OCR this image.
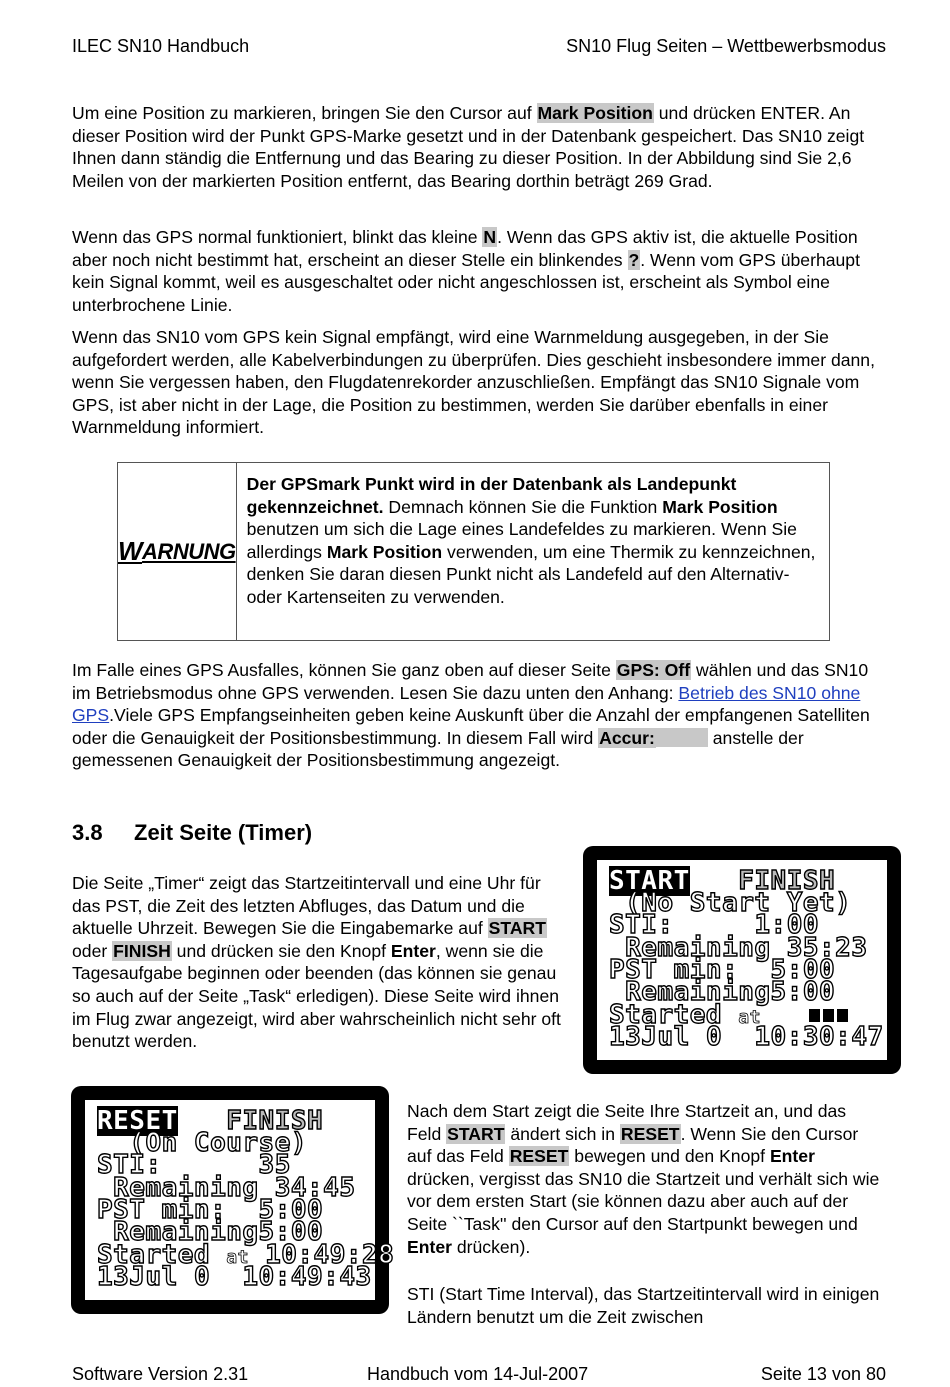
ILEC SN10 Handbuch	SN10 Flug Seiten – Wettbewerbsmodus

Um eine Position zu markieren, bringen Sie den Cursor auf Mark Position und drücken ENTER. An dieser Position wird der Punkt GPS-Marke gesetzt und in der Datenbank gespeichert. Das SN10 zeigt Ihnen dann ständig die Entfernung und das Bearing zu dieser Position. In der Abbildung sind Sie 2,6 Meilen von der markierten Position entfernt, das Bearing dorthin beträgt 269 Grad.

Wenn das GPS normal funktioniert, blinkt das kleine N. Wenn das GPS aktiv ist, die aktuelle Position aber noch nicht bestimmt hat, erscheint an dieser Stelle ein blinkendes ?. Wenn vom GPS überhaupt kein Signal kommt, weil es ausgeschaltet oder nicht angeschlossen ist, erscheint als Symbol eine unterbrochene Linie.

Wenn das SN10 vom GPS kein Signal empfängt, wird eine Warnmeldung ausgegeben, in der Sie aufgefordert werden, alle Kabelverbindungen zu überprüfen. Dies geschieht insbesondere immer dann, wenn Sie vergessen haben, den Flugdatenrekorder anzuschließen. Empfängt das SN10 Signale vom GPS, ist aber nicht in der Lage, die Position zu bestimmen, werden Sie darüber ebenfalls in einer Warnmeldung informiert.

W ARNUNG
Der GPSmark Punkt wird in der Datenbank als Landepunkt gekennzeichnet. Demnach können Sie die Funktion Mark Position benutzen um sich die Lage eines Landefeldes zu markieren. Wenn Sie allerdings Mark Position verwenden, um eine Thermik zu kennzeichnen, denken Sie daran diesen Punkt nicht als Landefeld auf den Alternativ- oder Kartenseiten zu verwenden.

Im Falle eines GPS Ausfalles, können Sie ganz oben auf dieser Seite GPS: Off wählen und das SN10 im Betriebsmodus ohne GPS verwenden. Lesen Sie dazu unten den Anhang: Betrieb des SN10 ohne GPS.Viele GPS Empfangseinheiten geben keine Auskunft über die Anzahl der empfangenen Satelliten oder die Genauigkeit der Positionsbestimmung. In diesem Fall wird Accur:	anstelle der gemessenen Genauigkeit der Positionsbestimmung angezeigt.

3.8 Zeit Seite (Timer)

Die Seite „Timer“ zeigt das Startzeitintervall und eine Uhr für das PST, die Zeit des letzten Abfluges, das Datum und die aktuelle Uhrzeit. Bewegen Sie die Eingabemarke auf START oder FINISH und drücken sie den Knopf Enter, wenn sie die Tagesaufgabe beginnen oder beenden (das können sie genau so auch auf der Seite „Task“ erledigen). Diese Seite wird ihnen im Flug zwar angezeigt, wird aber wahrscheinlich nicht sehr oft benutzt werden.

START FINISH
(No Start Yet)
STI:	1:00
Remaining 35:23
PST min: 5:00
Remaining5:00
Started at
13Jul 0 10:30:47
RESET FINISH
(On Course)
STI:	35
Remaining 34:45
PST min: 5:00
Remaining5:00
Started at 10:49:28
13Jul 0 10:49:43

Nach dem Start zeigt die Seite Ihre Startzeit an, und das Feld START ändert sich in RESET. Wenn Sie den Cursor auf das Feld RESET bewegen und den Knopf Enter drücken, vergisst das SN10 die Startzeit und verhält sich wie vor dem ersten Start (sie können dazu aber auch auf der Seite ``Task'' den Cursor auf den Startpunkt bewegen und Enter drücken).

STI (Start Time Interval), das Startzeitintervall wird in einigen Ländern benutzt um die Zeit zwischen

Software Version 2.31	Handbuch vom 14-Jul-2007	Seite 13 von 80
